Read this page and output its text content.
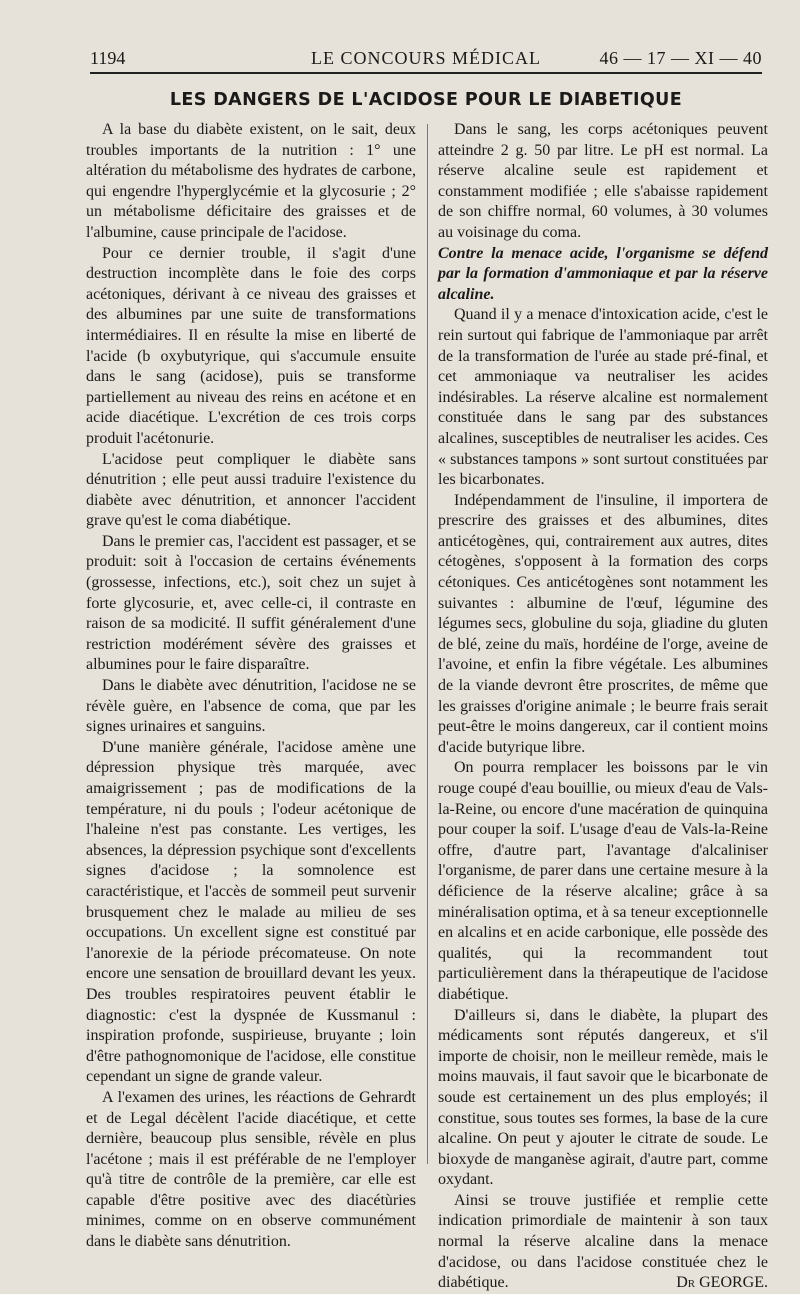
1194	LE CONCOURS MÉDICAL	46 — 17 — XI — 40
LES DANGERS DE L'ACIDOSE POUR LE DIABETIQUE

A la base du diabète existent, on le sait, deux troubles importants de la nutrition : 1° une altération du métabolisme des hydrates de carbone, qui engendre l'hyperglycémie et la glycosurie ; 2° un métabolisme déficitaire des graisses et de l'albumine, cause principale de l'acidose.

Pour ce dernier trouble, il s'agit d'une destruction incomplète dans le foie des corps acétoniques, dérivant à ce niveau des graisses et des albumines par une suite de transformations intermédiaires. Il en résulte la mise en liberté de l'acide (b oxybutyrique, qui s'accumule ensuite dans le sang (acidose), puis se transforme partiellement au niveau des reins en acétone et en acide diacétique. L'excrétion de ces trois corps produit l'acétonurie.

L'acidose peut compliquer le diabète sans dénutrition ; elle peut aussi traduire l'existence du diabète avec dénutrition, et annoncer l'accident grave qu'est le coma diabétique.

Dans le premier cas, l'accident est passager, et se produit: soit à l'occasion de certains événements (grossesse, infections, etc.), soit chez un sujet à forte glycosurie, et, avec celle-ci, il contraste en raison de sa modicité. Il suffit généralement d'une restriction modérément sévère des graisses et albumines pour le faire disparaître.

Dans le diabète avec dénutrition, l'acidose ne se révèle guère, en l'absence de coma, que par les signes urinaires et sanguins.

D'une manière générale, l'acidose amène une dépression physique très marquée, avec amaigrissement ; pas de modifications de la température, ni du pouls ; l'odeur acétonique de l'haleine n'est pas constante. Les vertiges, les absences, la dépression psychique sont d'excellents signes d'acidose ; la somnolence est caractéristique, et l'accès de sommeil peut survenir brusquement chez le malade au milieu de ses occupations. Un excellent signe est constitué par l'anorexie de la période précomateuse. On note encore une sensation de brouillard devant les yeux. Des troubles respiratoires peuvent établir le diagnostic: c'est la dyspnée de Kussmanul : inspiration profonde, suspirieuse, bruyante ; loin d'être pathognomonique de l'acidose, elle constitue cependant un signe de grande valeur.

A l'examen des urines, les réactions de Gehrardt et de Legal décèlent l'acide diacétique, et cette dernière, beaucoup plus sensible, révèle en plus l'acétone ; mais il est préférable de ne l'employer qu'à titre de contrôle de la première, car elle est capable d'être positive avec des diacétùries minimes, comme on en observe communément dans le diabète sans dénutrition.

Dans le sang, les corps acétoniques peuvent atteindre 2 g. 50 par litre. Le pH est normal. La réserve alcaline seule est rapidement et constamment modifiée ; elle s'abaisse rapidement de son chiffre normal, 60 volumes, à 30 volumes au voisinage du coma.

Contre la menace acide, l'organisme se défend par la formation d'ammoniaque et par la réserve alcaline.

Quand il y a menace d'intoxication acide, c'est le rein surtout qui fabrique de l'ammoniaque par arrêt de la transformation de l'urée au stade pré-final, et cet ammoniaque va neutraliser les acides indésirables. La réserve alcaline est normalement constituée dans le sang par des substances alcalines, susceptibles de neutraliser les acides. Ces « substances tampons » sont surtout constituées par les bicarbonates.

Indépendamment de l'insuline, il importera de prescrire des graisses et des albumines, dites anticétogènes, qui, contrairement aux autres, dites cétogènes, s'opposent à la formation des corps cétoniques. Ces anticétogènes sont notamment les suivantes : albumine de l'œuf, légumine des légumes secs, globuline du soja, gliadine du gluten de blé, zeine du maïs, hordéine de l'orge, aveine de l'avoine, et enfin la fibre végétale. Les albumines de la viande devront être proscrites, de même que les graisses d'origine animale ; le beurre frais serait peut-être le moins dangereux, car il contient moins d'acide butyrique libre.

On pourra remplacer les boissons par le vin rouge coupé d'eau bouillie, ou mieux d'eau de Vals-la-Reine, ou encore d'une macération de quinquina pour couper la soif. L'usage d'eau de Vals-la-Reine offre, d'autre part, l'avantage d'alcaliniser l'organisme, de parer dans une certaine mesure à la déficience de la réserve alcaline; grâce à sa minéralisation optima, et à sa teneur exceptionnelle en alcalins et en acide carbonique, elle possède des qualités, qui la recommandent tout particulièrement dans la thérapeutique de l'acidose diabétique.

D'ailleurs si, dans le diabète, la plupart des médicaments sont réputés dangereux, et s'il importe de choisir, non le meilleur remède, mais le moins mauvais, il faut savoir que le bicarbonate de soude est certainement un des plus employés; il constitue, sous toutes ses formes, la base de la cure alcaline. On peut y ajouter le citrate de soude. Le bioxyde de manganèse agirait, d'autre part, comme oxydant.

Ainsi se trouve justifiée et remplie cette indication primordiale de maintenir à son taux normal la réserve alcaline dans la menace d'acidose, ou dans l'acidose constituée chez le diabétique.	Dr GEORGE.
